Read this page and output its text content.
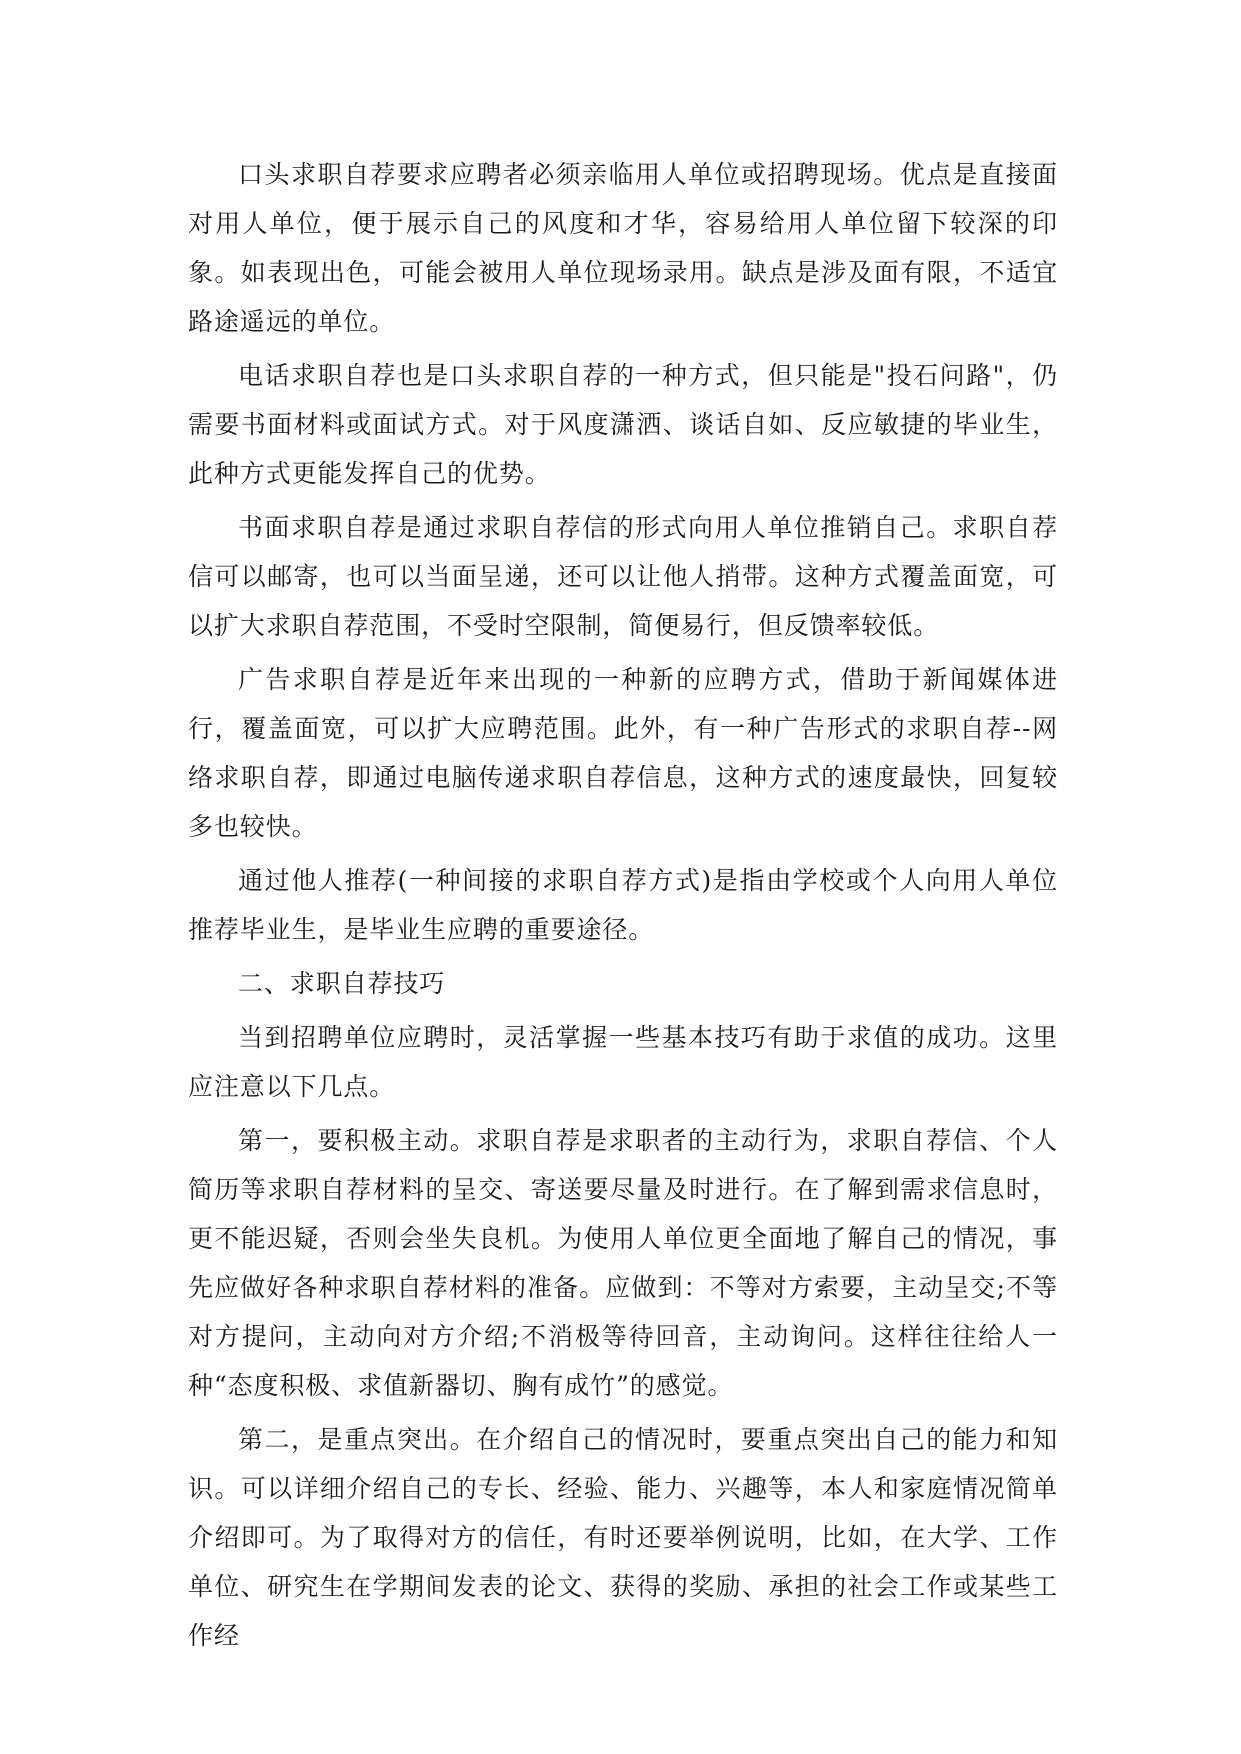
口头求职自荐要求应聘者必须亲临用人单位或招聘现场。优点是直接面对用人单位，便于展示自己的风度和才华，容易给用人单位留下较深的印象。如表现出色，可能会被用人单位现场录用。缺点是涉及面有限，不适宜路途遥远的单位。

电话求职自荐也是口头求职自荐的一种方式，但只能是"投石问路"，仍需要书面材料或面试方式。对于风度潇洒、谈话自如、反应敏捷的毕业生，此种方式更能发挥自己的优势。

书面求职自荐是通过求职自荐信的形式向用人单位推销自己。求职自荐信可以邮寄，也可以当面呈递，还可以让他人捎带。这种方式覆盖面宽，可以扩大求职自荐范围，不受时空限制，简便易行，但反馈率较低。

广告求职自荐是近年来出现的一种新的应聘方式，借助于新闻媒体进行，覆盖面宽，可以扩大应聘范围。此外，有一种广告形式的求职自荐--网络求职自荐，即通过电脑传递求职自荐信息，这种方式的速度最快，回复较多也较快。

通过他人推荐(一种间接的求职自荐方式)是指由学校或个人向用人单位推荐毕业生，是毕业生应聘的重要途径。

二、求职自荐技巧

当到招聘单位应聘时，灵活掌握一些基本技巧有助于求值的成功。这里应注意以下几点。

第一，要积极主动。求职自荐是求职者的主动行为，求职自荐信、个人简历等求职自荐材料的呈交、寄送要尽量及时进行。在了解到需求信息时，更不能迟疑，否则会坐失良机。为使用人单位更全面地了解自己的情况，事先应做好各种求职自荐材料的准备。应做到：不等对方索要，主动呈交;不等对方提问，主动向对方介绍;不消极等待回音，主动询问。这样往往给人一种“态度积极、求值新器切、胸有成竹”的感觉。

第二，是重点突出。在介绍自己的情况时，要重点突出自己的能力和知识。可以详细介绍自己的专长、经验、能力、兴趣等，本人和家庭情况简单介绍即可。为了取得对方的信任，有时还要举例说明，比如，在大学、工作单位、研究生在学期间发表的论文、获得的奖励、承担的社会工作或某些工作经
